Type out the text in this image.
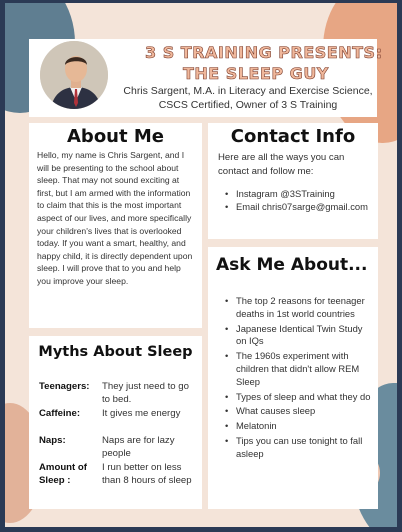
3 S TRAINING PRESENTS:
THE SLEEP GUY
Chris Sargent, M.A. in Literacy and Exercise Science, CSCS Certified, Owner of 3 S Training
About Me

Hello, my name is Chris Sargent, and I will be presenting to the school about sleep. That may not sound exciting at first, but I am armed with the information to claim that this is the most important aspect of our lives, and more specifically your children's lives that is overlooked today. If you want a smart, healthy, and happy child, it is directly dependent upon sleep. I will prove that to you and help you improve your sleep.

Contact Info

Here are all the ways you can contact and follow me:

• Instagram @3STraining
• Email chris07sarge@gmail.com
Ask Me About...
• The top 2 reasons for teenager deaths in 1st world countries
• Japanese Identical Twin Study on IQs
• The 1960s experiment with children that didn't allow REM Sleep
• Types of sleep and what they do
• What causes sleep
• Melatonin
• Tips you can use tonight to fall asleep
Myths About Sleep
Teenagers:	They just need to go to bed.
Caffeine:	It gives me energy
Naps:	Naps are for lazy people
Amount of Sleep :
I run better on less than 8 hours of sleep
